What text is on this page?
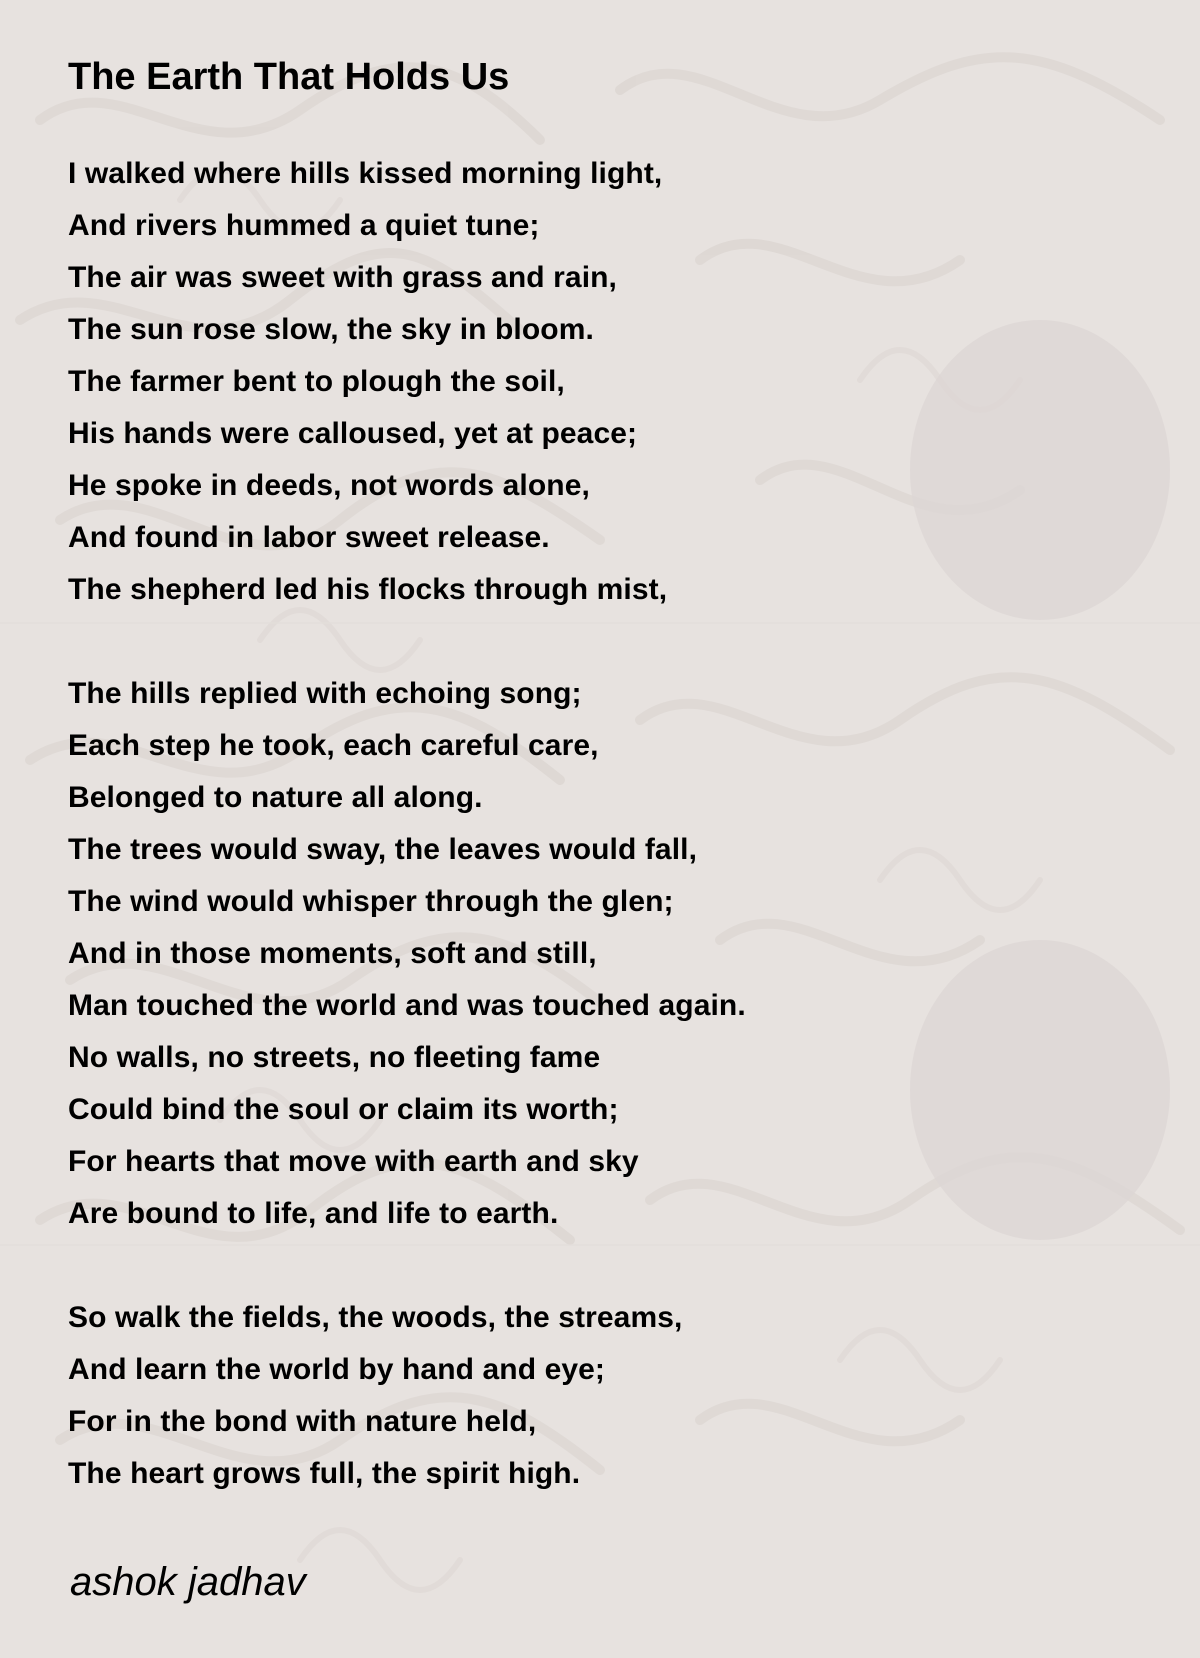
The Earth That Holds Us

I walked where hills kissed morning light,

And rivers hummed a quiet tune;

The air was sweet with grass and rain,

The sun rose slow, the sky in bloom.

The farmer bent to plough the soil,

His hands were calloused, yet at peace;

He spoke in deeds, not words alone,

And found in labor sweet release.

The shepherd led his flocks through mist,

The hills replied with echoing song;

Each step he took, each careful care,

Belonged to nature all along.

The trees would sway, the leaves would fall,

The wind would whisper through the glen;

And in those moments, soft and still,

Man touched the world and was touched again.

No walls, no streets, no fleeting fame

Could bind the soul or claim its worth;

For hearts that move with earth and sky

Are bound to life, and life to earth.

So walk the fields, the woods, the streams,

And learn the world by hand and eye;

For in the bond with nature held,

The heart grows full, the spirit high.

ashok jadhav
